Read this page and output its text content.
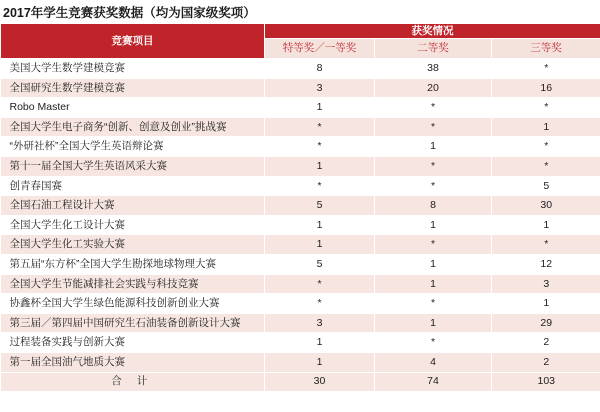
2017年学生竞赛获奖数据（均为国家级奖项）
竞赛项目	获奖情况		
	特等奖／一等奖	二等奖	三等奖
美国大学生数学建模竞赛	8	38	*
全国研究生数学建模竞赛	3	20	16
Robo Master	1	*	*
全国大学生电子商务“创新、创意及创业”挑战赛	*	*	1
“外研社杯”全国大学生英语辩论赛	*	1	*
第十一届全国大学生英语风采大赛	1	*	*
创青春国赛	*	*	5
全国石油工程设计大赛	5	8	30
全国大学生化工设计大赛	1	1	1
全国大学生化工实验大赛	1	*	*
第五届“东方杯”全国大学生勘探地球物理大赛	5	1	12
全国大学生节能减排社会实践与科技竞赛	*	1	3
协鑫杯全国大学生绿色能源科技创新创业大赛	*	*	1
第三届／第四届中国研究生石油装备创新设计大赛	3	1	29
过程装备实践与创新大赛	1	*	2
第一届全国油气地质大赛	1	4	2
合 计	30	74	103
